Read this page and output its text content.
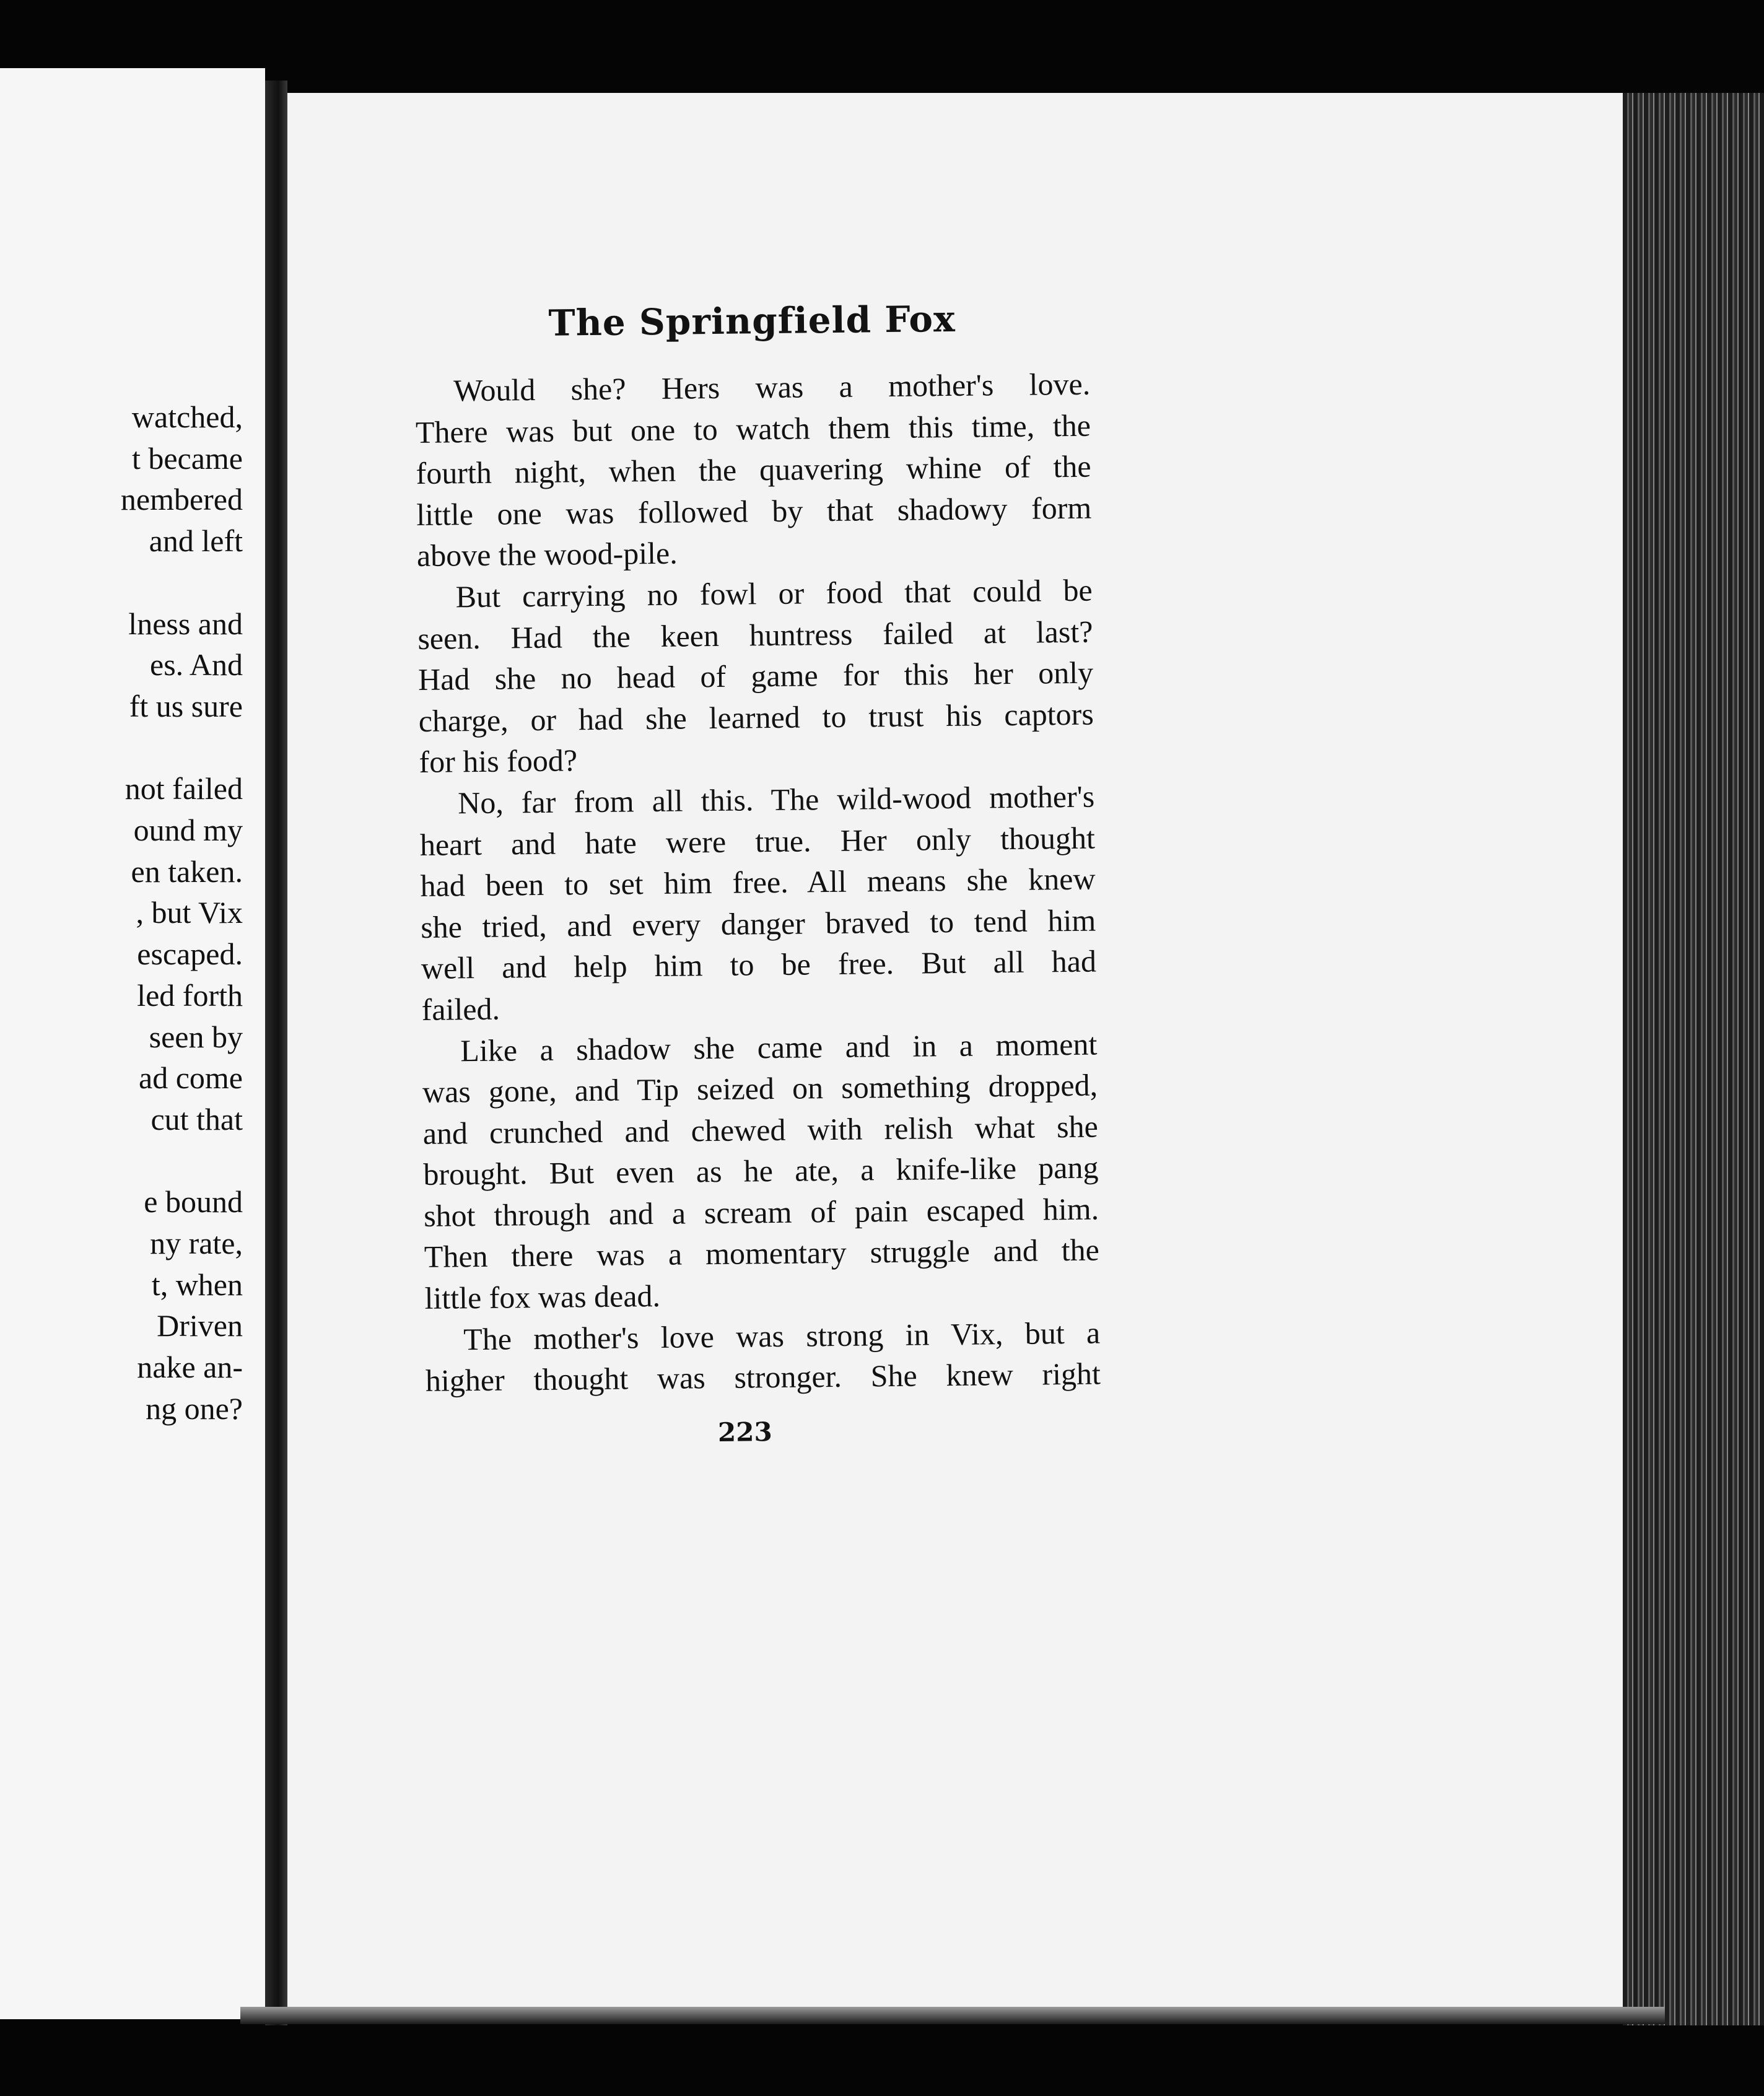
watched,
t became
nembered
and left
lness and
es. And
ft us sure
not failed
ound my
en taken.
, but Vix
escaped.
led forth
seen by
ad come
cut that
e bound
ny rate,
t, when
Driven
nake an-
ng one?
The Springfield Fox
Would she? Hers was a mother's love.
There was but one to watch them this time, the
fourth night, when the quavering whine of the
little one was followed by that shadowy form
above the wood-pile.
But carrying no fowl or food that could be
seen. Had the keen huntress failed at last?
Had she no head of game for this her only
charge, or had she learned to trust his captors
for his food?
No, far from all this. The wild-wood mother's
heart and hate were true. Her only thought
had been to set him free. All means she knew
she tried, and every danger braved to tend him
well and help him to be free. But all had
failed.
Like a shadow she came and in a moment
was gone, and Tip seized on something dropped,
and crunched and chewed with relish what she
brought. But even as he ate, a knife-like pang
shot through and a scream of pain escaped him.
Then there was a momentary struggle and the
little fox was dead.
The mother's love was strong in Vix, but a
higher thought was stronger. She knew right
223
